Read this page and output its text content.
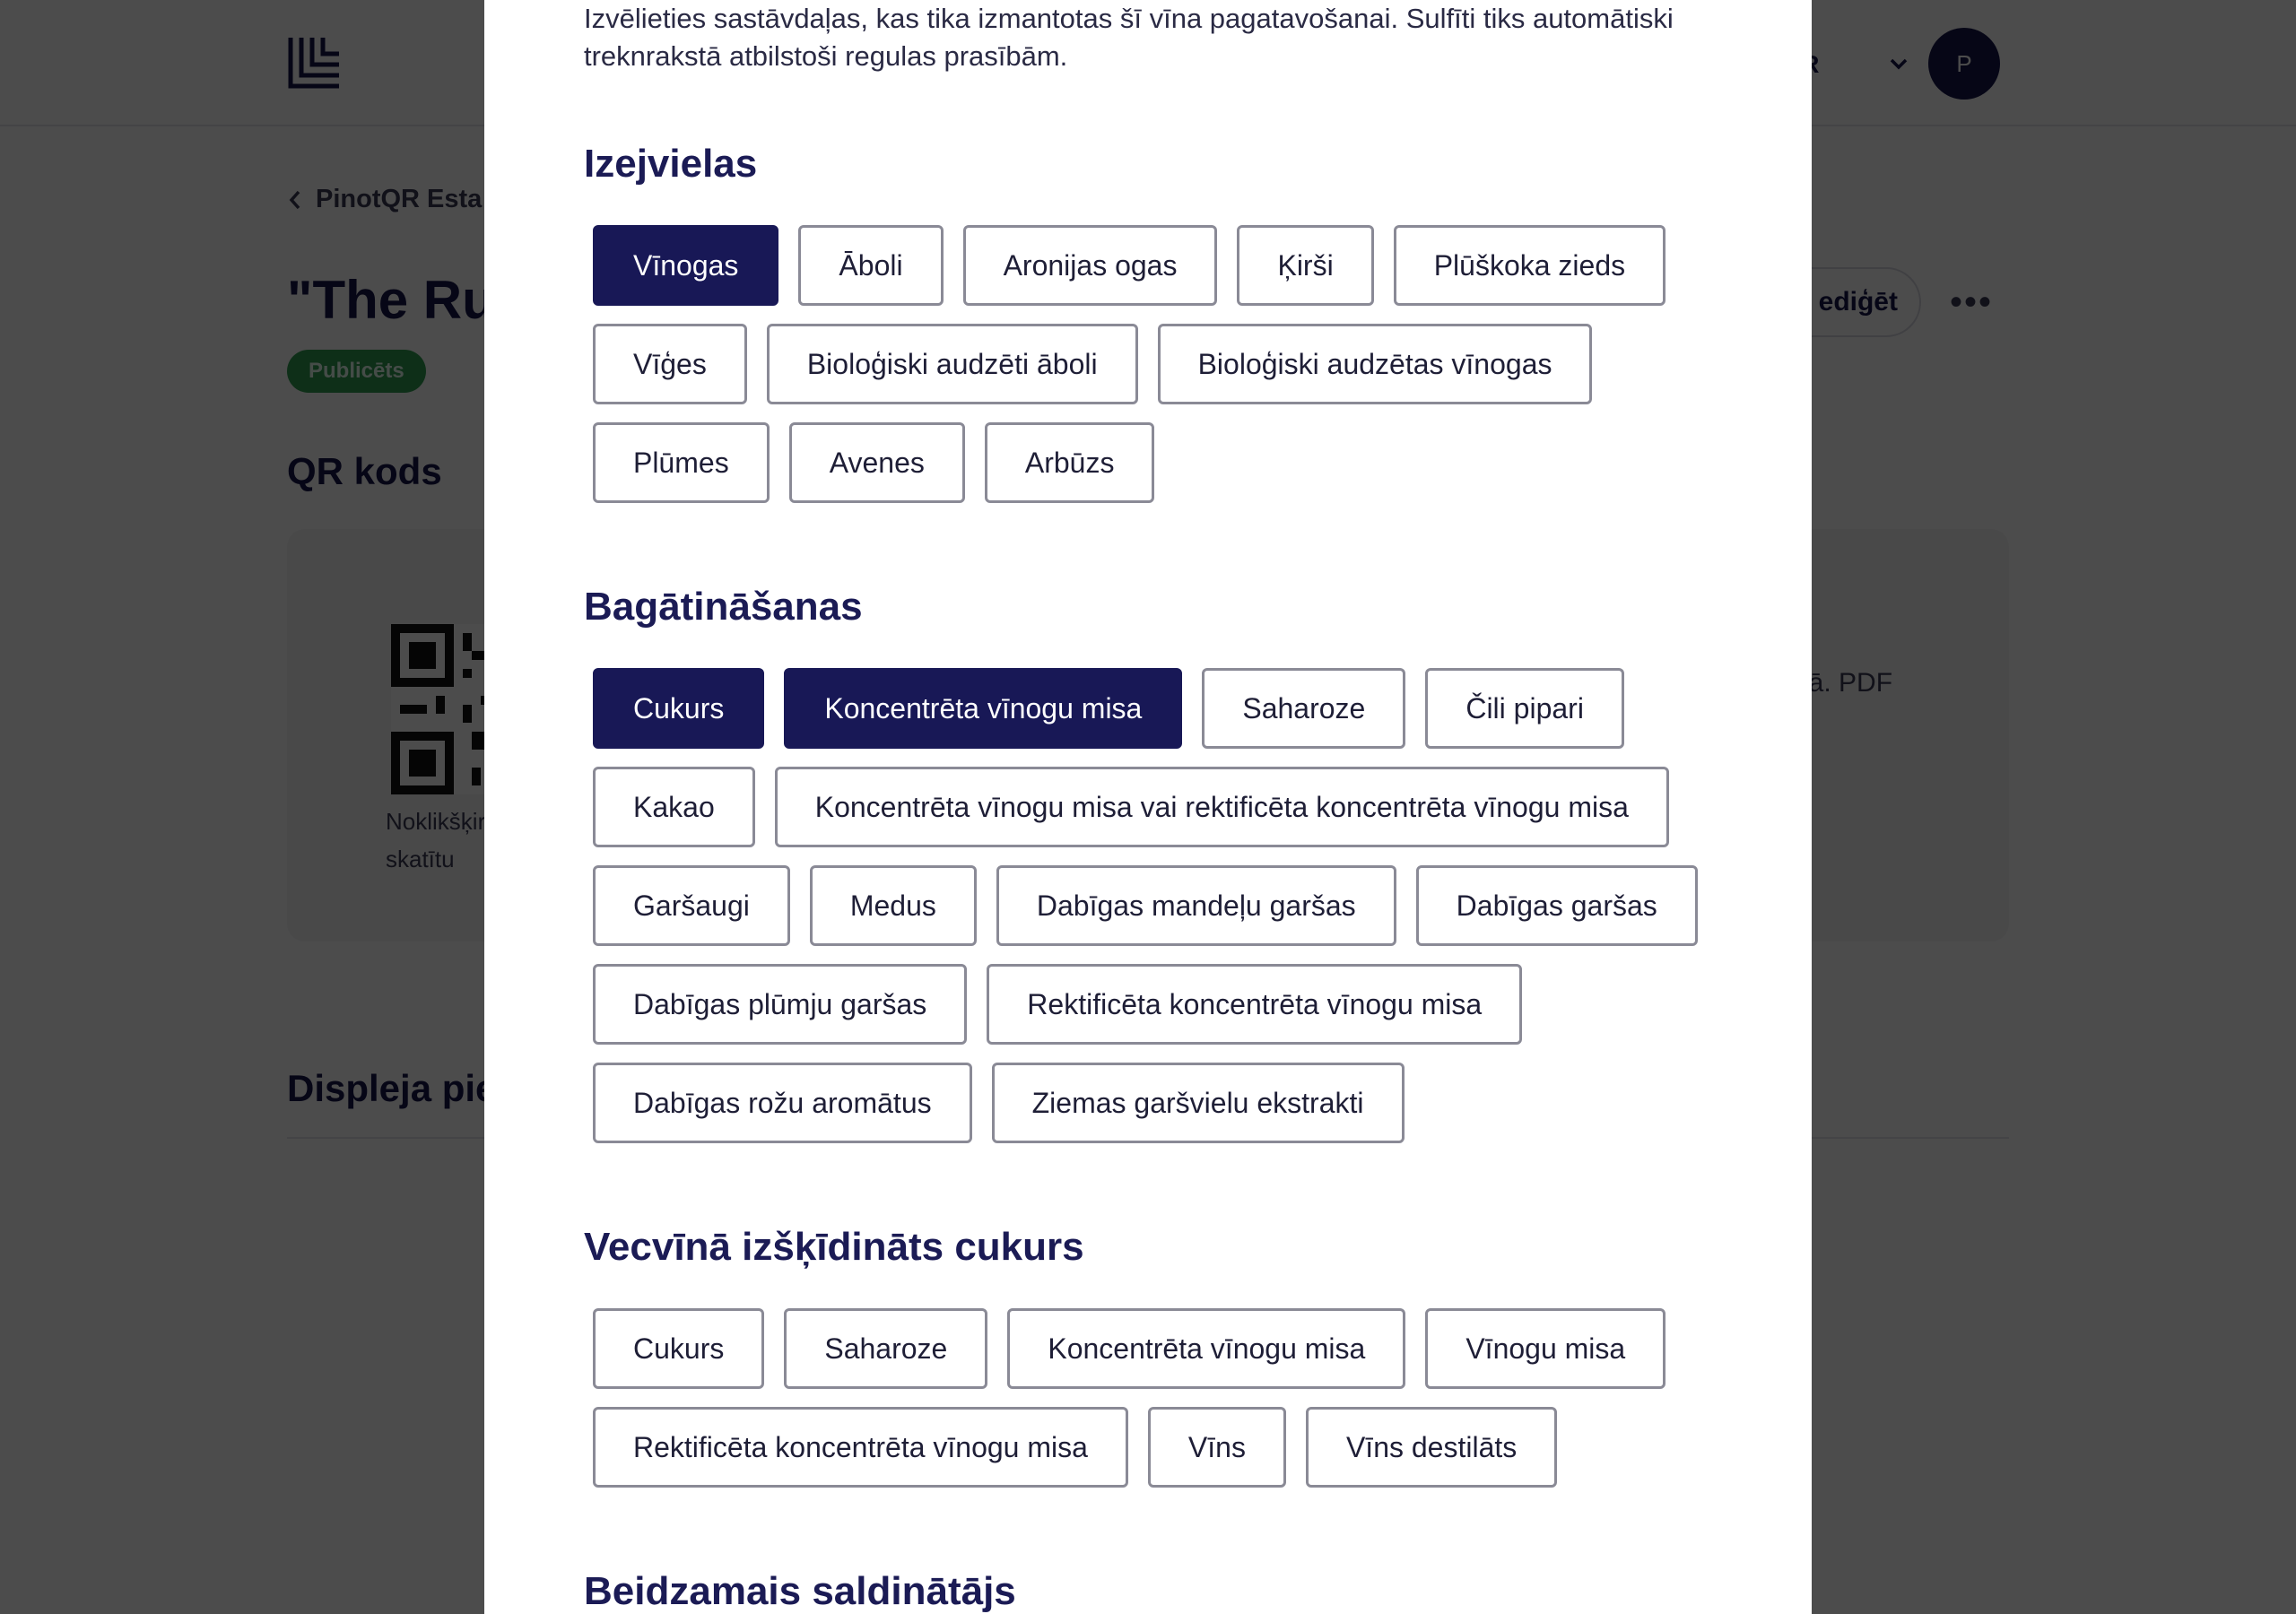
Izvēlieties sastāvdaļas, kas tika izmantotas šī vīna pagatavošanai. Sulfīti tiks automātiski treknrakstā atbilstoši regulas prasībām.
Izejvielas
Vīnogas	Āboli	Aronijas ogas	Ķirši	Plūškoka zieds
Vīģes	Bioloģiski audzēti āboli	Bioloģiski audzētas vīnogas
Plūmes	Avenes	Arbūzs
Bagātināšanas
Cukurs	Koncentrēta vīnogu misa	Saharoze	Čili pipari
Kakao	Koncentrēta vīnogu misa vai rektificēta koncentrēta vīnogu misa
Garšaugi	Medus	Dabīgas mandeļu garšas	Dabīgas garšas
Dabīgas plūmju garšas	Rektificēta koncentrēta vīnogu misa
Dabīgas rožu aromātus	Ziemas garšvielu ekstrakti
Vecvīnā izšķīdināts cukurs
Cukurs	Saharoze	Koncentrēta vīnogu misa	Vīnogu misa
Rektificēta koncentrēta vīnogu misa	Vīns	Vīns destilāts
Beidzamais saldinātājs
